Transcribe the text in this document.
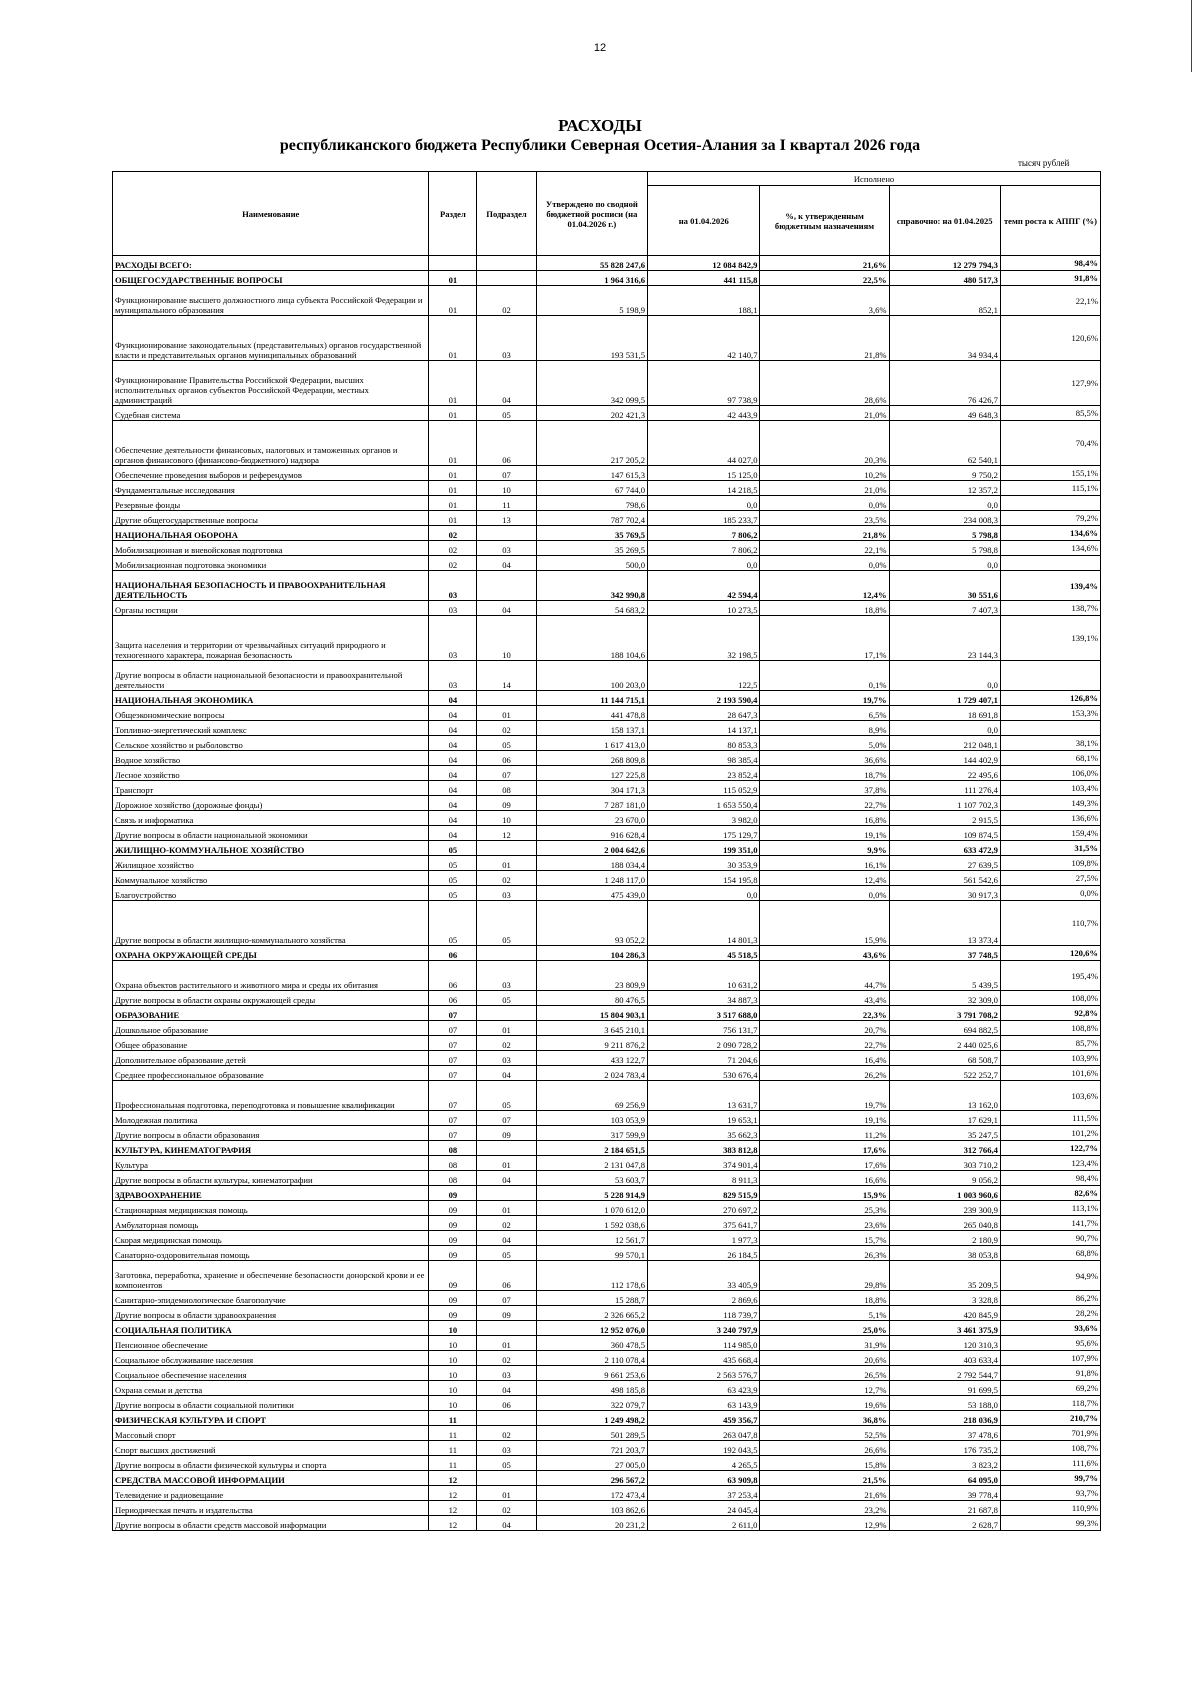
12
РАСХОДЫ
республиканского бюджета Республики Северная Осетия-Алания за I квартал 2026 года
тысяч рублей
Наименование	Раздел	Подраздел	Утверждено по сводной бюджетной росписи (на 01.04.2026 г.)	Исполнено			
				на 01.04.2026	%, к утвержденным бюджетным назначениям	справочно: на 01.04.2025	темп роста к АППГ (%)
РАСХОДЫ ВСЕГО:			55 828 247,6	12 084 842,9	21,6%	12 279 794,3	98,4%
ОБЩЕГОСУДАРСТВЕННЫЕ ВОПРОСЫ	01		1 964 316,6	441 115,8	22,5%	480 517,3	91,8%
Функционирование высшего должностного лица субъекта Российской Федерации и муниципального образования	01	02	5 198,9	188,1	3,6%	852,1	22,1%
Функционирование законодательных (представительных) органов государственной власти и представительных органов муниципальных образований	01	03	193 531,5	42 140,7	21,8%	34 934,4	120,6%
Функционирование Правительства Российской Федерации, высших исполнительных органов субъектов Российской Федерации, местных администраций	01	04	342 099,5	97 738,9	28,6%	76 426,7	127,9%
Судебная система	01	05	202 421,3	42 443,9	21,0%	49 648,3	85,5%
Обеспечение деятельности финансовых, налоговых и таможенных органов и органов финансового (финансово-бюджетного) надзора	01	06	217 205,2	44 027,0	20,3%	62 540,1	70,4%
Обеспечение проведения выборов и референдумов	01	07	147 615,3	15 125,0	10,2%	9 750,2	155,1%
Фундаментальные исследования	01	10	67 744,0	14 218,5	21,0%	12 357,2	115,1%
Резервные фонды	01	11	798,6	0,0	0,0%	0,0	
Другие общегосударственные вопросы	01	13	787 702,4	185 233,7	23,5%	234 008,3	79,2%
НАЦИОНАЛЬНАЯ ОБОРОНА	02		35 769,5	7 806,2	21,8%	5 798,8	134,6%
Мобилизационная и вневойсковая подготовка	02	03	35 269,5	7 806,2	22,1%	5 798,8	134,6%
Мобилизационная подготовка экономики	02	04	500,0	0,0	0,0%	0,0	
НАЦИОНАЛЬНАЯ БЕЗОПАСНОСТЬ И ПРАВООХРАНИТЕЛЬНАЯ ДЕЯТЕЛЬНОСТЬ	03		342 990,8	42 594,4	12,4%	30 551,6	139,4%
Органы юстиции	03	04	54 683,2	10 273,5	18,8%	7 407,3	138,7%
Защита населения и территории от чрезвычайных ситуаций природного и техногенного характера, пожарная безопасность	03	10	188 104,6	32 198,5	17,1%	23 144,3	139,1%
Другие вопросы в области национальной безопасности и правоохранительной деятельности	03	14	100 203,0	122,5	0,1%	0,0	
НАЦИОНАЛЬНАЯ ЭКОНОМИКА	04		11 144 715,1	2 193 590,4	19,7%	1 729 407,1	126,8%
Общеэкономические вопросы	04	01	441 478,8	28 647,3	6,5%	18 691,8	153,3%
Топливно-энергетический комплекс	04	02	158 137,1	14 137,1	8,9%	0,0	
Сельское хозяйство и рыболовство	04	05	1 617 413,0	80 853,3	5,0%	212 048,1	38,1%
Водное хозяйство	04	06	268 809,8	98 385,4	36,6%	144 402,9	68,1%
Лесное хозяйство	04	07	127 225,8	23 852,4	18,7%	22 495,6	106,0%
Транспорт	04	08	304 171,3	115 052,9	37,8%	111 276,4	103,4%
Дорожное хозяйство (дорожные фонды)	04	09	7 287 181,0	1 653 550,4	22,7%	1 107 702,3	149,3%
Связь и информатика	04	10	23 670,0	3 982,0	16,8%	2 915,5	136,6%
Другие вопросы в области национальной экономики	04	12	916 628,4	175 129,7	19,1%	109 874,5	159,4%
ЖИЛИЩНО-КОММУНАЛЬНОЕ ХОЗЯЙСТВО	05		2 004 642,6	199 351,0	9,9%	633 472,9	31,5%
Жилищное хозяйство	05	01	188 034,4	30 353,9	16,1%	27 639,5	109,8%
Коммунальное хозяйство	05	02	1 248 117,0	154 195,8	12,4%	561 542,6	27,5%
Благоустройство	05	03	475 439,0	0,0	0,0%	30 917,3	0,0%
Другие вопросы в области жилищно-коммунального хозяйства	05	05	93 052,2	14 801,3	15,9%	13 373,4	110,7%
ОХРАНА ОКРУЖАЮЩЕЙ СРЕДЫ	06		104 286,3	45 518,5	43,6%	37 748,5	120,6%
Охрана объектов растительного и животного мира и среды их обитания	06	03	23 809,9	10 631,2	44,7%	5 439,5	195,4%
Другие вопросы в области охраны окружающей среды	06	05	80 476,5	34 887,3	43,4%	32 309,0	108,0%
ОБРАЗОВАНИЕ	07		15 804 903,1	3 517 688,0	22,3%	3 791 708,2	92,8%
Дошкольное образование	07	01	3 645 210,1	756 131,7	20,7%	694 882,5	108,8%
Общее образование	07	02	9 211 876,2	2 090 728,2	22,7%	2 440 025,6	85,7%
Дополнительное образование детей	07	03	433 122,7	71 204,6	16,4%	68 508,7	103,9%
Среднее профессиональное образование	07	04	2 024 783,4	530 676,4	26,2%	522 252,7	101,6%
Профессиональная подготовка, переподготовка и повышение квалификации	07	05	69 256,9	13 631,7	19,7%	13 162,0	103,6%
Молодежная политика	07	07	103 053,9	19 653,1	19,1%	17 629,1	111,5%
Другие вопросы в области образования	07	09	317 599,9	35 662,3	11,2%	35 247,5	101,2%
КУЛЬТУРА, КИНЕМАТОГРАФИЯ	08		2 184 651,5	383 812,8	17,6%	312 766,4	122,7%
Культура	08	01	2 131 047,8	374 901,4	17,6%	303 710,2	123,4%
Другие вопросы в области культуры, кинематографии	08	04	53 603,7	8 911,3	16,6%	9 056,2	98,4%
ЗДРАВООХРАНЕНИЕ	09		5 228 914,9	829 515,9	15,9%	1 003 960,6	82,6%
Стационарная медицинская помощь	09	01	1 070 612,0	270 697,2	25,3%	239 300,9	113,1%
Амбулаторная помощь	09	02	1 592 038,6	375 641,7	23,6%	265 040,8	141,7%
Скорая медицинская помощь	09	04	12 561,7	1 977,3	15,7%	2 180,9	90,7%
Санаторно-оздоровительная помощь	09	05	99 570,1	26 184,5	26,3%	38 053,8	68,8%
Заготовка, переработка, хранение и обеспечение безопасности донорской крови и ее компонентов	09	06	112 178,6	33 405,9	29,8%	35 209,5	94,9%
Санитарно-эпидемиологическое благополучие	09	07	15 288,7	2 869,6	18,8%	3 328,8	86,2%
Другие вопросы в области здравоохранения	09	09	2 326 665,2	118 739,7	5,1%	420 845,9	28,2%
СОЦИАЛЬНАЯ ПОЛИТИКА	10		12 952 076,0	3 240 797,9	25,0%	3 461 375,9	93,6%
Пенсионное обеспечение	10	01	360 478,5	114 985,0	31,9%	120 310,3	95,6%
Социальное обслуживание населения	10	02	2 110 078,4	435 668,4	20,6%	403 633,4	107,9%
Социальное обеспечение населения	10	03	9 661 253,6	2 563 576,7	26,5%	2 792 544,7	91,8%
Охрана семьи и детства	10	04	498 185,8	63 423,9	12,7%	91 699,5	69,2%
Другие вопросы в области социальной политики	10	06	322 079,7	63 143,9	19,6%	53 188,0	118,7%
ФИЗИЧЕСКАЯ КУЛЬТУРА И СПОРТ	11		1 249 498,2	459 356,7	36,8%	218 036,9	210,7%
Массовый спорт	11	02	501 289,5	263 047,8	52,5%	37 478,6	701,9%
Спорт высших достижений	11	03	721 203,7	192 043,5	26,6%	176 735,2	108,7%
Другие вопросы в области физической культуры и спорта	11	05	27 005,0	4 265,5	15,8%	3 823,2	111,6%
СРЕДСТВА МАССОВОЙ ИНФОРМАЦИИ	12		296 567,2	63 909,8	21,5%	64 095,0	99,7%
Телевидение и радиовещание	12	01	172 473,4	37 253,4	21,6%	39 778,4	93,7%
Периодическая печать и издательства	12	02	103 862,6	24 045,4	23,2%	21 687,8	110,9%
Другие вопросы в области средств массовой информации	12	04	20 231,2	2 611,0	12,9%	2 628,7	99,3%
